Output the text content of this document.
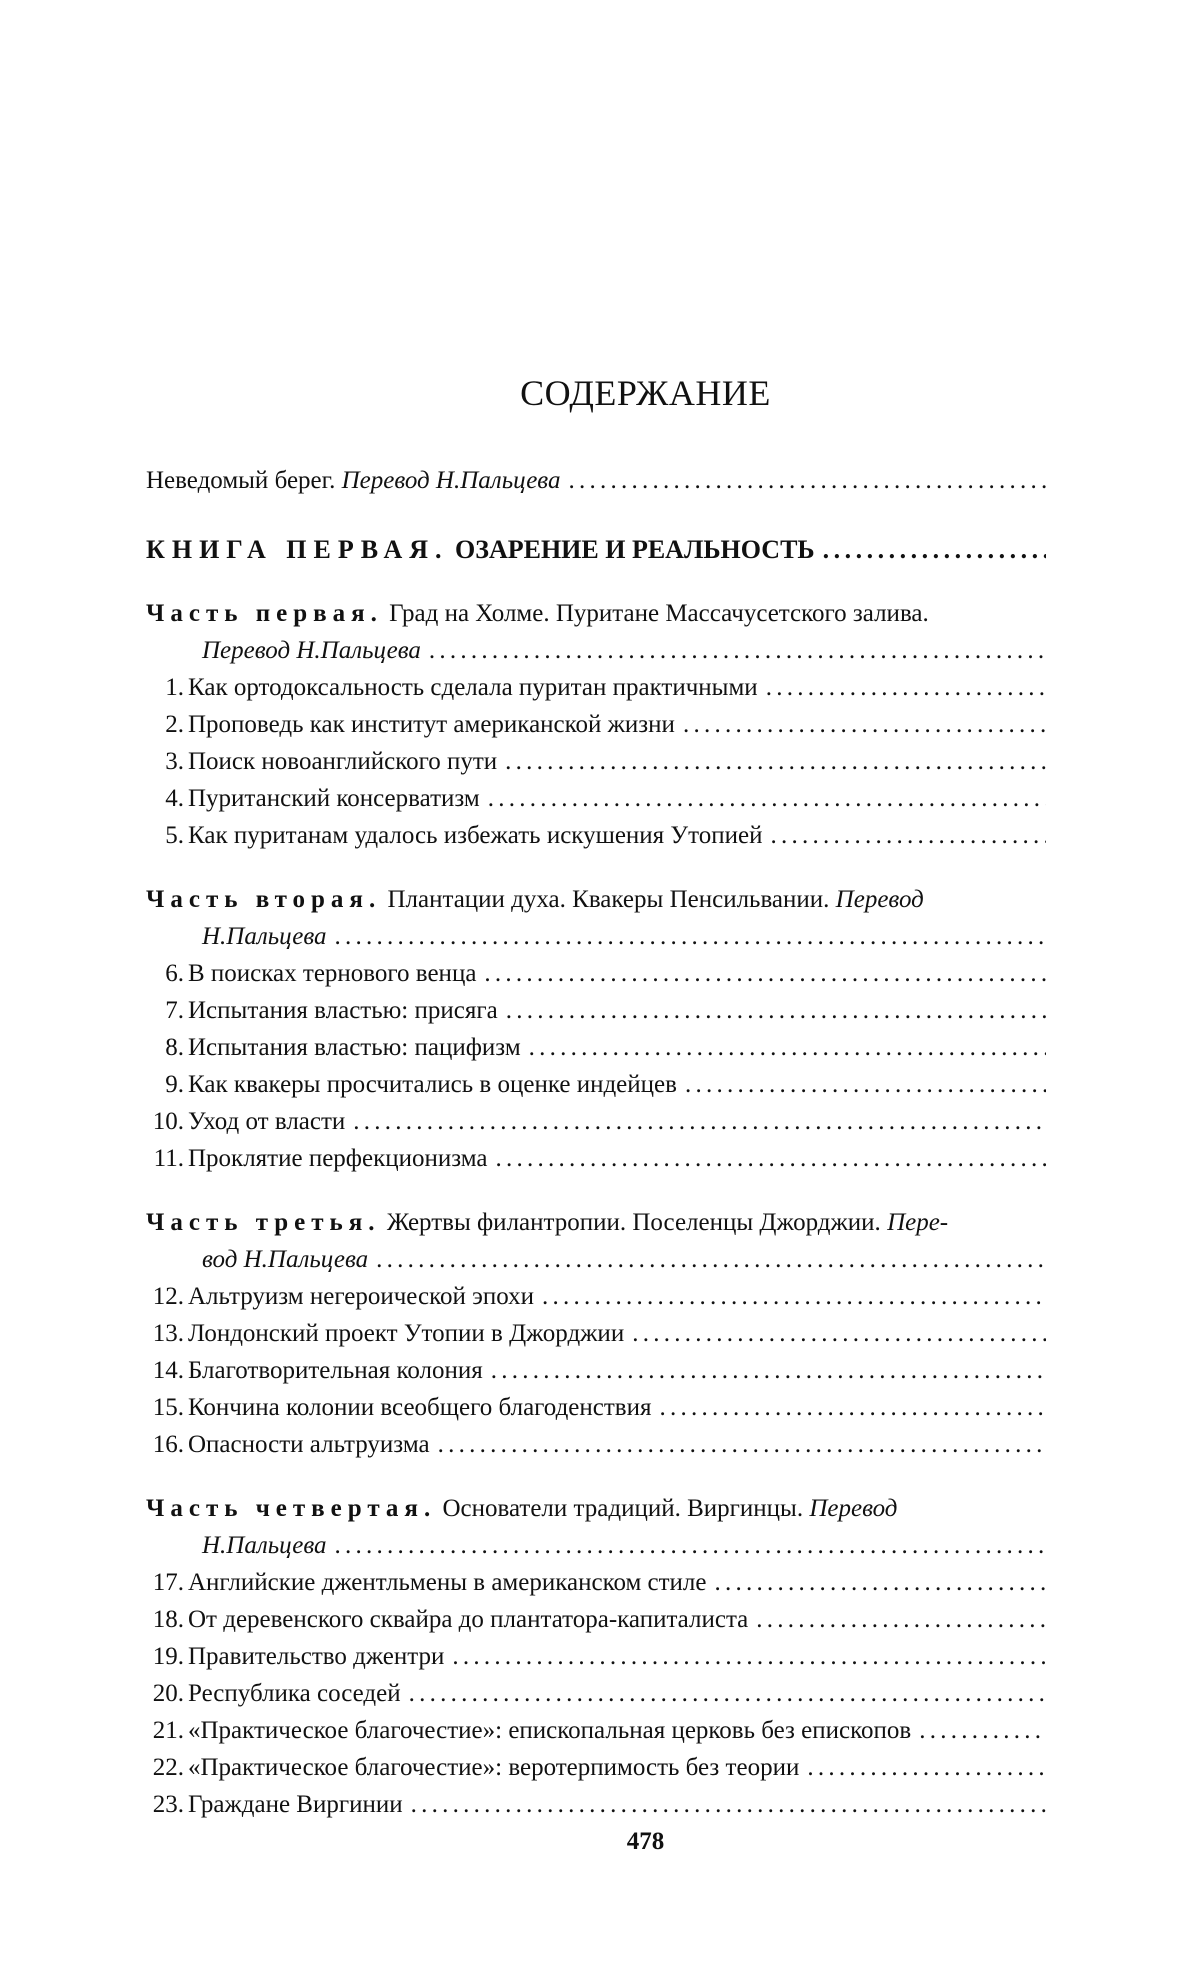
СОДЕРЖАНИЕ
Неведомый берег. Перевод Н.Пальцева
. . .
КНИГА ПЕРВАЯ. ОЗАРЕНИЕ И РЕАЛЬНОСТЬ
. . .
Часть первая. Град на Холме. Пуритане Массачусетского залива.
Перевод Н.Пальцева
. . .
1. Как ортодоксальность сделала пуритан практичными
. . .
2. Проповедь как институт американской жизни
. . .
3. Поиск новоанглийского пути
. . .
4. Пуританский консерватизм
. . .
5. Как пуританам удалось избежать искушения Утопией
. . .
Часть вторая. Плантации духа. Квакеры Пенсильвании. Перевод
Н.Пальцева
. . .
6. В поисках тернового венца
. . .
7. Испытания властью: присяга
. . .
8. Испытания властью: пацифизм
. . .
9. Как квакеры просчитались в оценке индейцев
. . .
10. Уход от власти
. . .
11. Проклятие перфекционизма
. . .
Часть третья. Жертвы филантропии. Поселенцы Джорджии. Пере-
вод Н.Пальцева
. . .
12. Альтруизм негероической эпохи
. . .
13. Лондонский проект Утопии в Джорджии
. . .
14. Благотворительная колония
. . .
15. Кончина колонии всеобщего благоденствия
. . .
16. Опасности альтруизма
. . .
Часть четвертая. Основатели традиций. Виргинцы. Перевод
Н.Пальцева
. . .
17. Английские джентльмены в американском стиле
. . .
18. От деревенского сквайра до плантатора-капиталиста
. . .
19. Правительство джентри
. . .
20. Республика соседей
. . .
21. «Практическое благочестие»: епископальная церковь без епископов
. . .
22. «Практическое благочестие»: веротерпимость без теории
. . .
23. Граждане Виргинии
. . .
478
